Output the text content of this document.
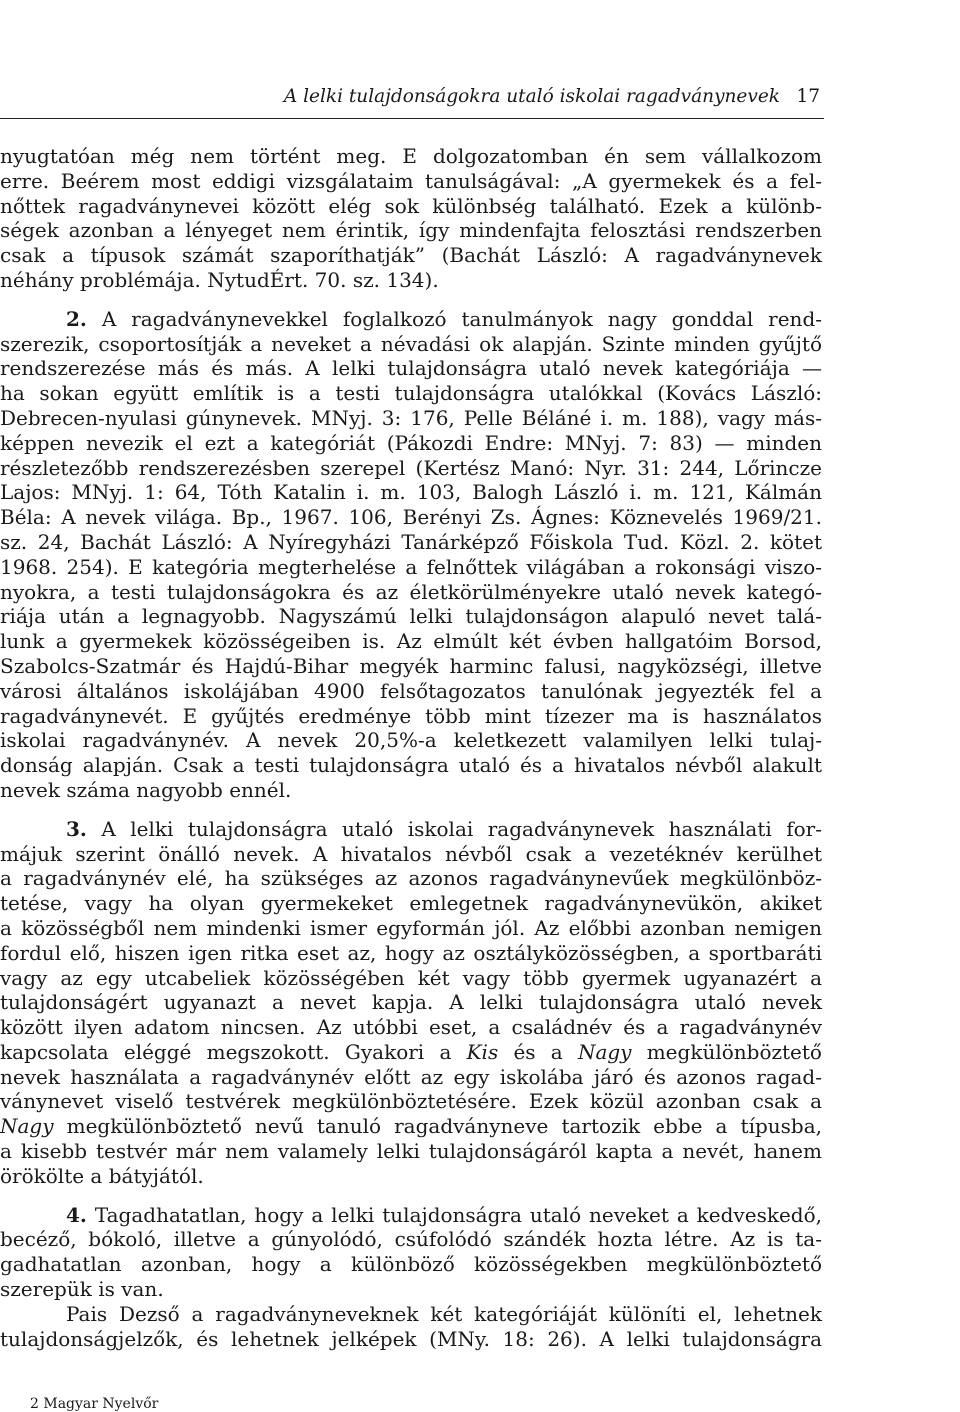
A lelki tulajdonságokra utaló iskolai ragadványnevek 17
nyugtatóan még nem történt meg. E dolgozatomban én sem vállalkozom
erre. Beérem most eddigi vizsgálataim tanulságával: „A gyermekek és a fel-
nőttek ragadványnevei között elég sok különbség található. Ezek a különb-
ségek azonban a lényeget nem érintik, így mindenfajta felosztási rendszerben
csak a típusok számát szaporíthatják” (Bachát László: A ragadványnevek
néhány problémája. NytudÉrt. 70. sz. 134).
2. A ragadványnevekkel foglalkozó tanulmányok nagy gonddal rend-
szerezik, csoportosítják a neveket a névadási ok alapján. Szinte minden gyűjtő
rendszerezése más és más. A lelki tulajdonságra utaló nevek kategóriája —
ha sokan együtt említik is a testi tulajdonságra utalókkal (Kovács László:
Debrecen-nyulasi gúnynevek. MNyj. 3: 176, Pelle Béláné i. m. 188), vagy más-
képpen nevezik el ezt a kategóriát (Pákozdi Endre: MNyj. 7: 83) — minden
részletezőbb rendszerezésben szerepel (Kertész Manó: Nyr. 31: 244, Lőrincze
Lajos: MNyj. 1: 64, Tóth Katalin i. m. 103, Balogh László i. m. 121, Kálmán
Béla: A nevek világa. Bp., 1967. 106, Berényi Zs. Ágnes: Köznevelés 1969/21.
sz. 24, Bachát László: A Nyíregyházi Tanárképző Főiskola Tud. Közl. 2. kötet
1968. 254). E kategória megterhelése a felnőttek világában a rokonsági viszo-
nyokra, a testi tulajdonságokra és az életkörülményekre utaló nevek kategó-
riája után a legnagyobb. Nagyszámú lelki tulajdonságon alapuló nevet talá-
lunk a gyermekek közösségeiben is. Az elmúlt két évben hallgatóim Borsod,
Szabolcs-Szatmár és Hajdú-Bihar megyék harminc falusi, nagyközségi, illetve
városi általános iskolájában 4900 felsőtagozatos tanulónak jegyezték fel a
ragadványnevét. E gyűjtés eredménye több mint tízezer ma is használatos
iskolai ragadványnév. A nevek 20,5%-a keletkezett valamilyen lelki tulaj-
donság alapján. Csak a testi tulajdonságra utaló és a hivatalos névből alakult
nevek száma nagyobb ennél.
3. A lelki tulajdonságra utaló iskolai ragadványnevek használati for-
májuk szerint önálló nevek. A hivatalos névből csak a vezetéknév kerülhet
a ragadványnév elé, ha szükséges az azonos ragadványnevűek megkülönböz-
tetése, vagy ha olyan gyermekeket emlegetnek ragadványnevükön, akiket
a közösségből nem mindenki ismer egyformán jól. Az előbbi azonban nemigen
fordul elő, hiszen igen ritka eset az, hogy az osztályközösségben, a sportbaráti
vagy az egy utcabeliek közösségében két vagy több gyermek ugyanazért a
tulajdonságért ugyanazt a nevet kapja. A lelki tulajdonságra utaló nevek
között ilyen adatom nincsen. Az utóbbi eset, a családnév és a ragadványnév
kapcsolata eléggé megszokott. Gyakori a Kis és a Nagy megkülönböztető
nevek használata a ragadványnév előtt az egy iskolába járó és azonos ragad-
ványnevet viselő testvérek megkülönböztetésére. Ezek közül azonban csak a
Nagy megkülönböztető nevű tanuló ragadványneve tartozik ebbe a típusba,
a kisebb testvér már nem valamely lelki tulajdonságáról kapta a nevét, hanem
örökölte a bátyjától.
4. Tagadhatatlan, hogy a lelki tulajdonságra utaló neveket a kedveskedő,
becéző, bókoló, illetve a gúnyolódó, csúfolódó szándék hozta létre. Az is ta-
gadhatatlan azonban, hogy a különböző közösségekben megkülönböztető
szerepük is van.
Pais Dezső a ragadványneveknek két kategóriáját különíti el, lehetnek
tulajdonságjelzők, és lehetnek jelképek (MNy. 18: 26). A lelki tulajdonságra
2 Magyar Nyelvőr
